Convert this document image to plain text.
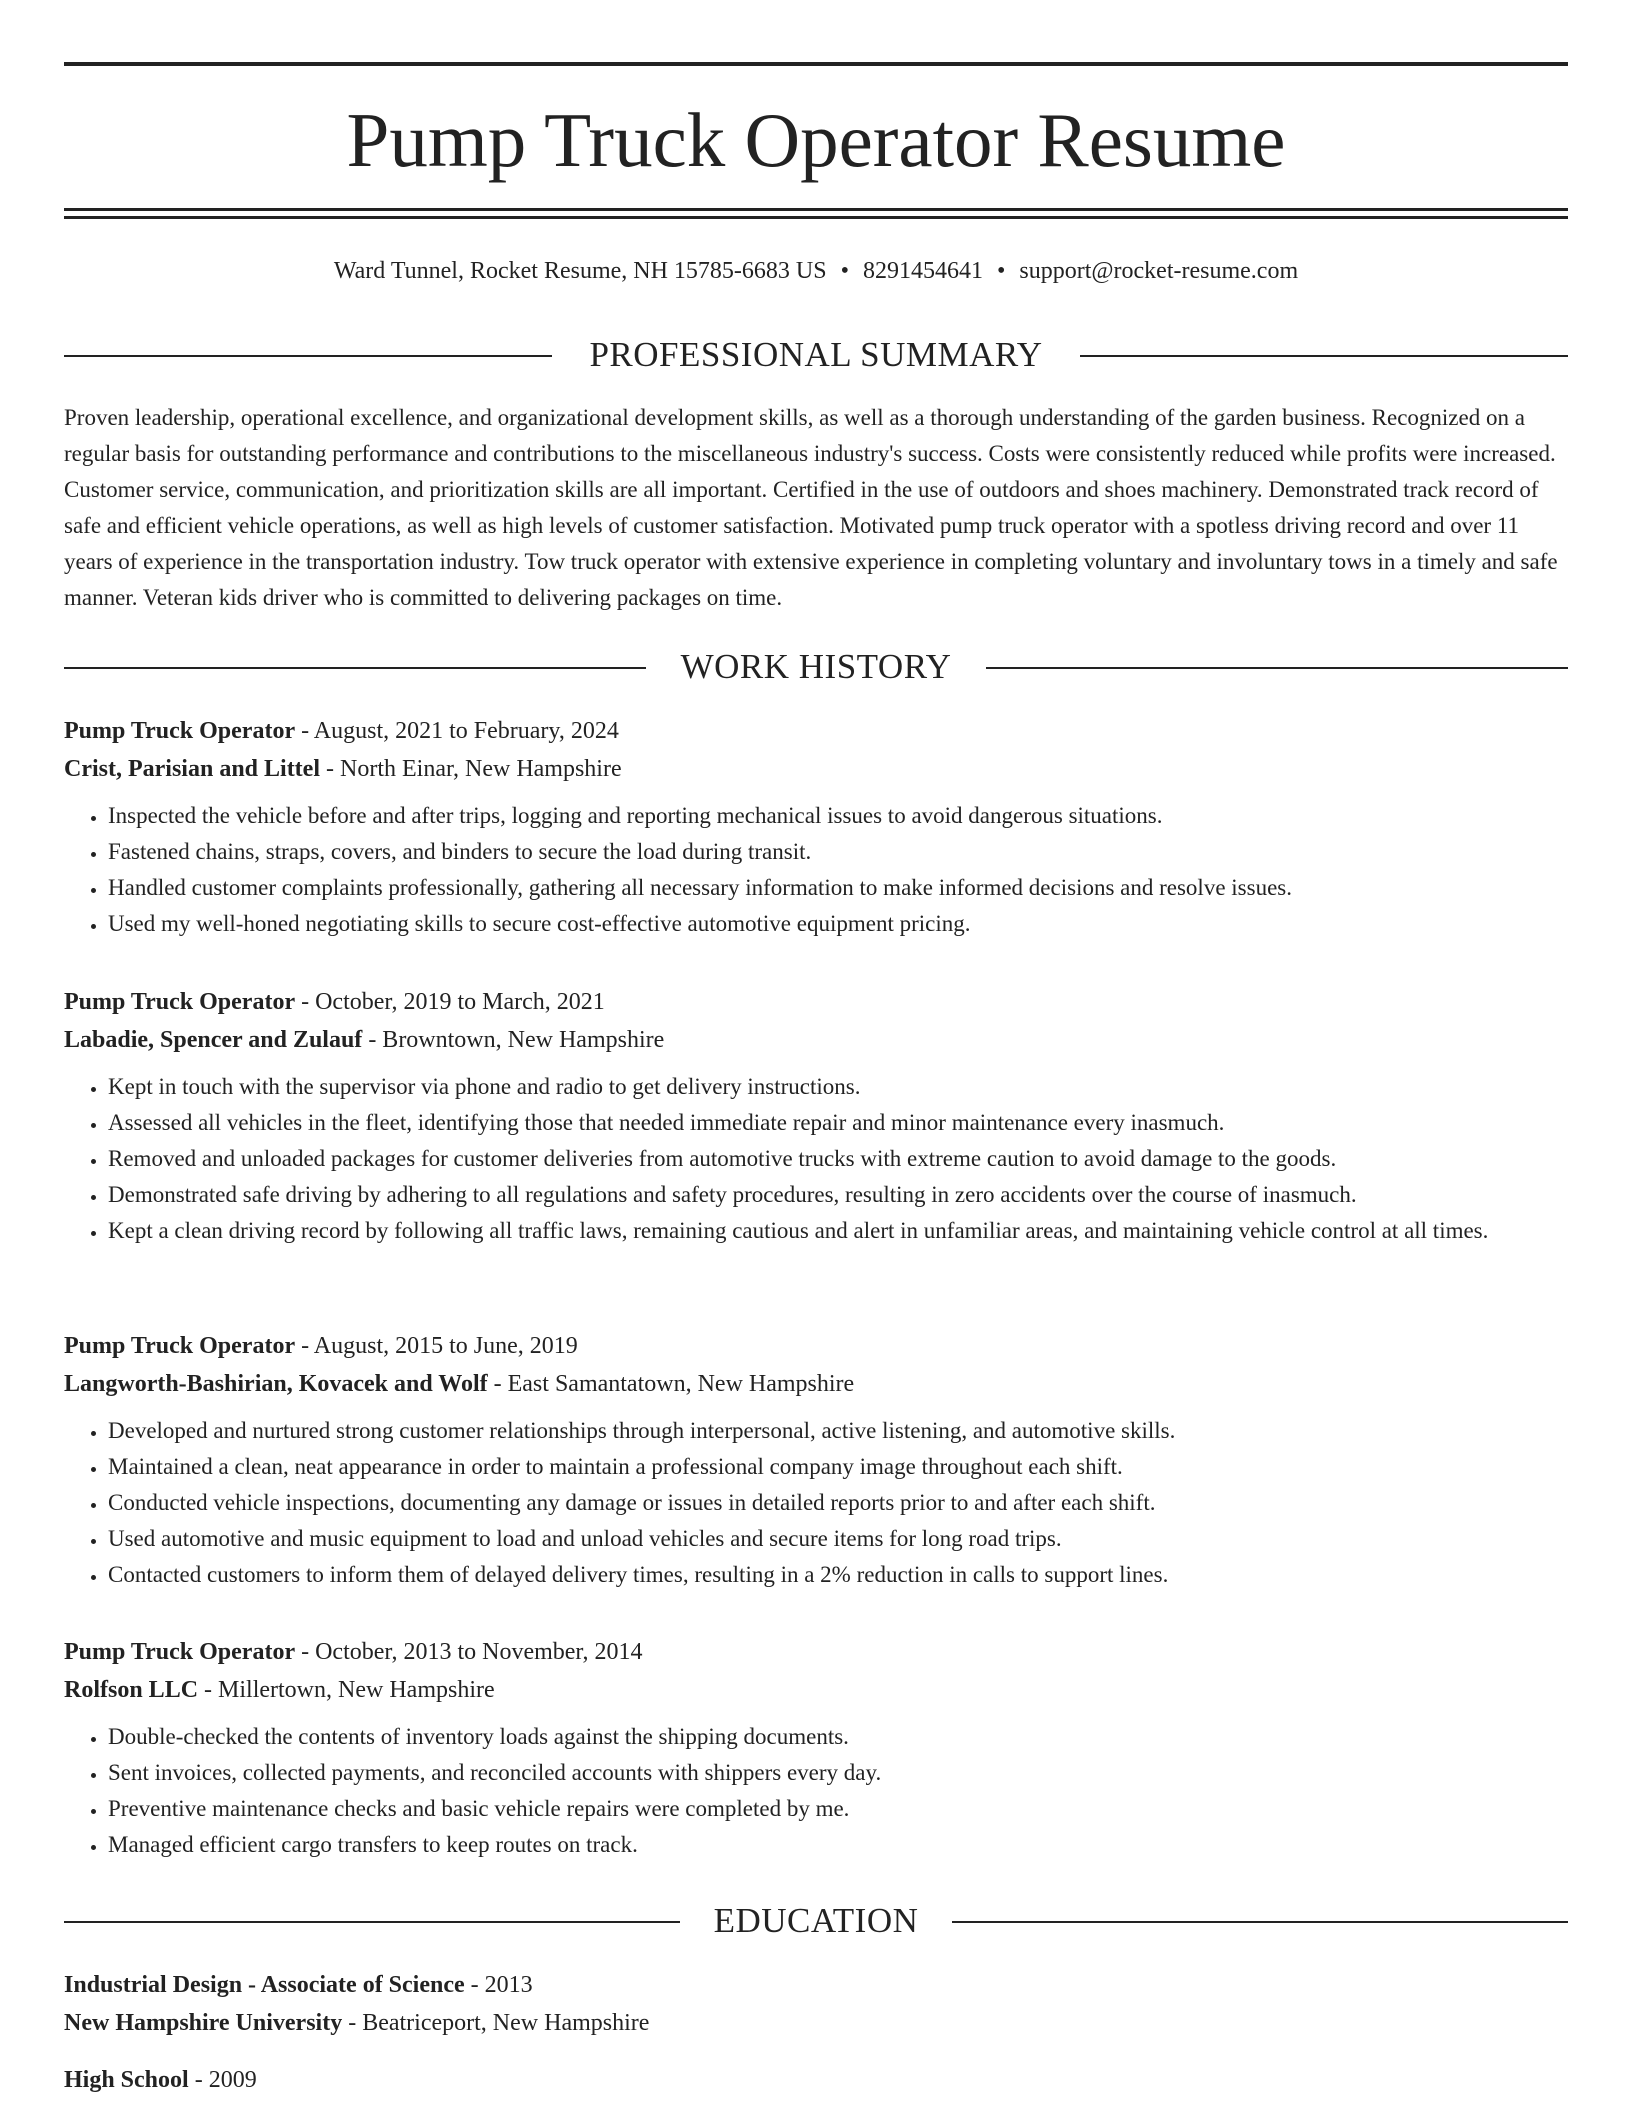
Pump Truck Operator Resume
Ward Tunnel, Rocket Resume, NH 15785-6683 US • 8291454641 • support@rocket-resume.com
PROFESSIONAL SUMMARY

Proven leadership, operational excellence, and organizational development skills, as well as a thorough understanding of the garden business. Recognized on a regular basis for outstanding performance and contributions to the miscellaneous industry's success. Costs were consistently reduced while profits were increased. Customer service, communication, and prioritization skills are all important. Certified in the use of outdoors and shoes machinery. Demonstrated track record of safe and efficient vehicle operations, as well as high levels of customer satisfaction. Motivated pump truck operator with a spotless driving record and over 11 years of experience in the transportation industry. Tow truck operator with extensive experience in completing voluntary and involuntary tows in a timely and safe manner. Veteran kids driver who is committed to delivering packages on time.

WORK HISTORY
Pump Truck Operator - August, 2021 to February, 2024
Crist, Parisian and Littel - North Einar, New Hampshire
• Inspected the vehicle before and after trips, logging and reporting mechanical issues to avoid dangerous situations.
• Fastened chains, straps, covers, and binders to secure the load during transit.
• Handled customer complaints professionally, gathering all necessary information to make informed decisions and resolve issues.
• Used my well-honed negotiating skills to secure cost-effective automotive equipment pricing.
Pump Truck Operator - October, 2019 to March, 2021
Labadie, Spencer and Zulauf - Browntown, New Hampshire
• Kept in touch with the supervisor via phone and radio to get delivery instructions.
• Assessed all vehicles in the fleet, identifying those that needed immediate repair and minor maintenance every inasmuch.
• Removed and unloaded packages for customer deliveries from automotive trucks with extreme caution to avoid damage to the goods.
• Demonstrated safe driving by adhering to all regulations and safety procedures, resulting in zero accidents over the course of inasmuch.
• Kept a clean driving record by following all traffic laws, remaining cautious and alert in unfamiliar areas, and maintaining vehicle control at all times.
Pump Truck Operator - August, 2015 to June, 2019
Langworth-Bashirian, Kovacek and Wolf - East Samantatown, New Hampshire
• Developed and nurtured strong customer relationships through interpersonal, active listening, and automotive skills.
• Maintained a clean, neat appearance in order to maintain a professional company image throughout each shift.
• Conducted vehicle inspections, documenting any damage or issues in detailed reports prior to and after each shift.
• Used automotive and music equipment to load and unload vehicles and secure items for long road trips.
• Contacted customers to inform them of delayed delivery times, resulting in a 2% reduction in calls to support lines.
Pump Truck Operator - October, 2013 to November, 2014
Rolfson LLC - Millertown, New Hampshire
• Double-checked the contents of inventory loads against the shipping documents.
• Sent invoices, collected payments, and reconciled accounts with shippers every day.
• Preventive maintenance checks and basic vehicle repairs were completed by me.
• Managed efficient cargo transfers to keep routes on track.
EDUCATION
Industrial Design - Associate of Science - 2013
New Hampshire University - Beatriceport, New Hampshire
High School - 2009
